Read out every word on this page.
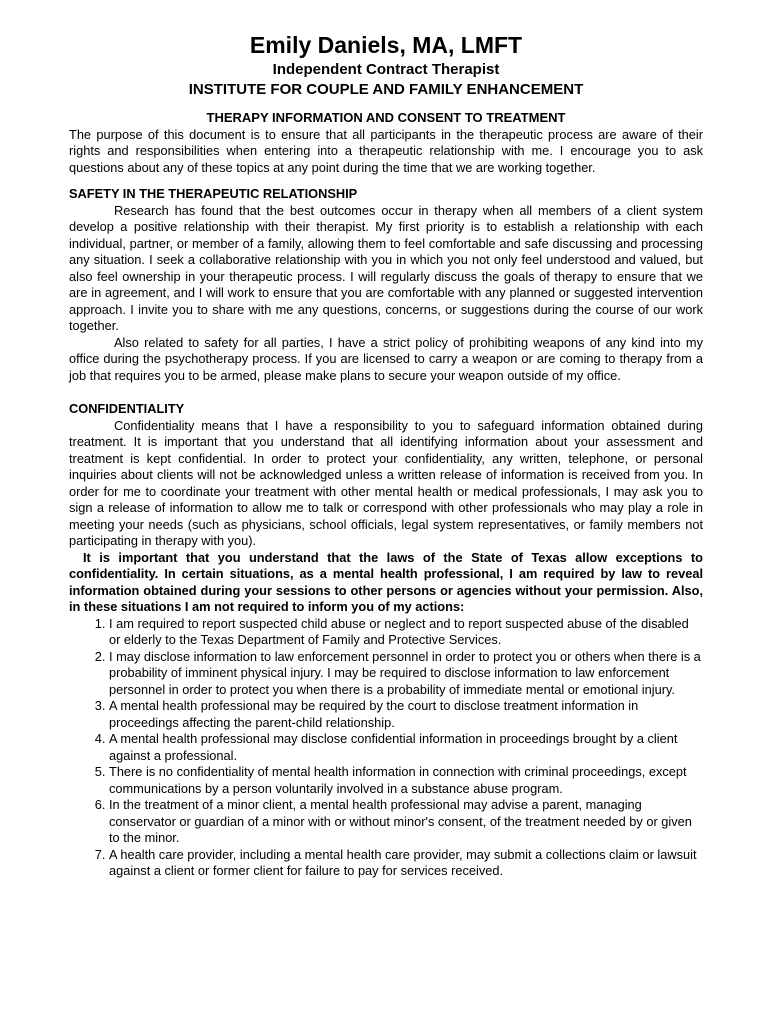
Emily Daniels, MA, LMFT
Independent Contract Therapist
INSTITUTE FOR COUPLE AND FAMILY ENHANCEMENT
THERAPY INFORMATION AND CONSENT TO TREATMENT

The purpose of this document is to ensure that all participants in the therapeutic process are aware of their rights and responsibilities when entering into a therapeutic relationship with me. I encourage you to ask questions about any of these topics at any point during the time that we are working together.

SAFETY IN THE THERAPEUTIC RELATIONSHIP

Research has found that the best outcomes occur in therapy when all members of a client system develop a positive relationship with their therapist. My first priority is to establish a relationship with each individual, partner, or member of a family, allowing them to feel comfortable and safe discussing and processing any situation. I seek a collaborative relationship with you in which you not only feel understood and valued, but also feel ownership in your therapeutic process. I will regularly discuss the goals of therapy to ensure that we are in agreement, and I will work to ensure that you are comfortable with any planned or suggested intervention approach. I invite you to share with me any questions, concerns, or suggestions during the course of our work together.

Also related to safety for all parties, I have a strict policy of prohibiting weapons of any kind into my office during the psychotherapy process. If you are licensed to carry a weapon or are coming to therapy from a job that requires you to be armed, please make plans to secure your weapon outside of my office.

CONFIDENTIALITY

Confidentiality means that I have a responsibility to you to safeguard information obtained during treatment. It is important that you understand that all identifying information about your assessment and treatment is kept confidential. In order to protect your confidentiality, any written, telephone, or personal inquiries about clients will not be acknowledged unless a written release of information is received from you. In order for me to coordinate your treatment with other mental health or medical professionals, I may ask you to sign a release of information to allow me to talk or correspond with other professionals who may play a role in meeting your needs (such as physicians, school officials, legal system representatives, or family members not participating in therapy with you).

It is important that you understand that the laws of the State of Texas allow exceptions to confidentiality. In certain situations, as a mental health professional, I am required by law to reveal information obtained during your sessions to other persons or agencies without your permission. Also, in these situations I am not required to inform you of my actions:

1. I am required to report suspected child abuse or neglect and to report suspected abuse of the disabled or elderly to the Texas Department of Family and Protective Services.
2. I may disclose information to law enforcement personnel in order to protect you or others when there is a probability of imminent physical injury. I may be required to disclose information to law enforcement personnel in order to protect you when there is a probability of immediate mental or emotional injury.
3. A mental health professional may be required by the court to disclose treatment information in proceedings affecting the parent-child relationship.
4. A mental health professional may disclose confidential information in proceedings brought by a client against a professional.
5. There is no confidentiality of mental health information in connection with criminal proceedings, except communications by a person voluntarily involved in a substance abuse program.
6. In the treatment of a minor client, a mental health professional may advise a parent, managing conservator or guardian of a minor with or without minor's consent, of the treatment needed by or given to the minor.
7. A health care provider, including a mental health care provider, may submit a collections claim or lawsuit against a client or former client for failure to pay for services received.
